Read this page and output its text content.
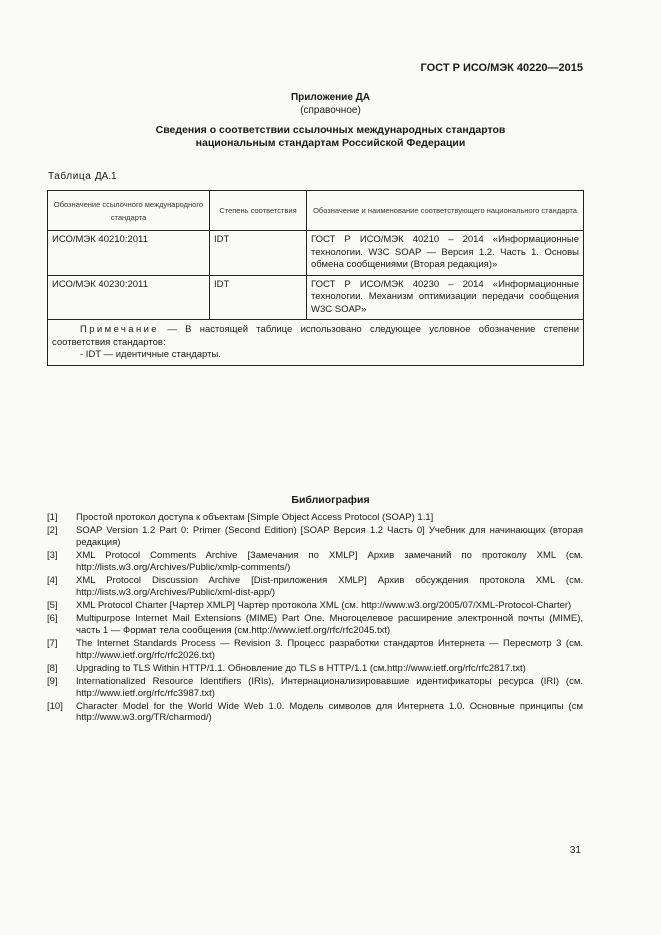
ГОСТ Р ИСО/МЭК 40220—2015
Приложение ДА
(справочное)
Сведения о соответствии ссылочных международных стандартов
национальным стандартам Российской Федерации
Таблица ДА.1
Обозначение ссылочного международного стандарта	Степень соответствия	Обозначение и наименование соответствующего национального стандарта
ИСО/МЭК 40210:2011	IDT	ГОСТ Р ИСО/МЭК 40210 – 2014 «Информационные технологии. W3C SOAP — Версия 1.2. Часть 1. Основы обмена сообщениями (Вторая редакция)»
ИСО/МЭК 40230:2011	IDT	ГОСТ Р ИСО/МЭК 40230 – 2014 «Информационные технологии. Механизм оптимизации передачи сообщения W3C SOAP»
Примечание — В настоящей таблице использовано следующее условное обозначение степени соответствия стандартов:
- IDT — идентичные стандарты.		
Библиография
[1]	Простой протокол доступа к объектам [Simple Object Access Protocol (SOAP) 1.1]
[2]	SOAP Version 1.2 Part 0: Primer (Second Edition) [SOAP Версия 1.2 Часть 0] Учебник для начинающих (вторая редакция)
[3]	XML Protocol Comments Archive [Замечания по XMLP] Архив замечаний по протоколу XML (см. http://lists.w3.org/Archives/Public/xmlp-comments/)
[4]	XML Protocol Discussion Archive [Dist-приложения XMLP] Архив обсуждения протокола XML (см. http://lists.w3.org/Archives/Public/xml-dist-app/)
[5]	XML Protocol Charter [Чартер XMLP] Чартер протокола XML (см. http://www.w3.org/2005/07/XML-Protocol-Charter)
[6]	Multipurpose Internet Mail Extensions (MIME) Part One. Многоцелевое расширение электронной почты (MIME), часть 1 — Формат тела сообщения (см.http://www.ietf.org/rfc/rfc2045.txt)
[7]	The Internet Standards Process — Revision 3. Процесс разработки стандартов Интернета — Пересмотр 3 (см. http://www.ietf.org/rfc/rfc2026.txt)
[8]	Upgrading to TLS Within HTTP/1.1. Обновление до TLS в HTTP/1.1 (см.http://www.ietf.org/rfc/rfc2817.txt)
[9]	Internationalized Resource Identifiers (IRIs), Интернационализировавшие идентификаторы ресурса (IRI) (см. http://www.ietf.org/rfc/rfc3987.txt)
[10]	Character Model for the World Wide Web 1.0. Модель символов для Интернета 1.0. Основные принципы (см http://www.w3.org/TR/charmod/)
31
